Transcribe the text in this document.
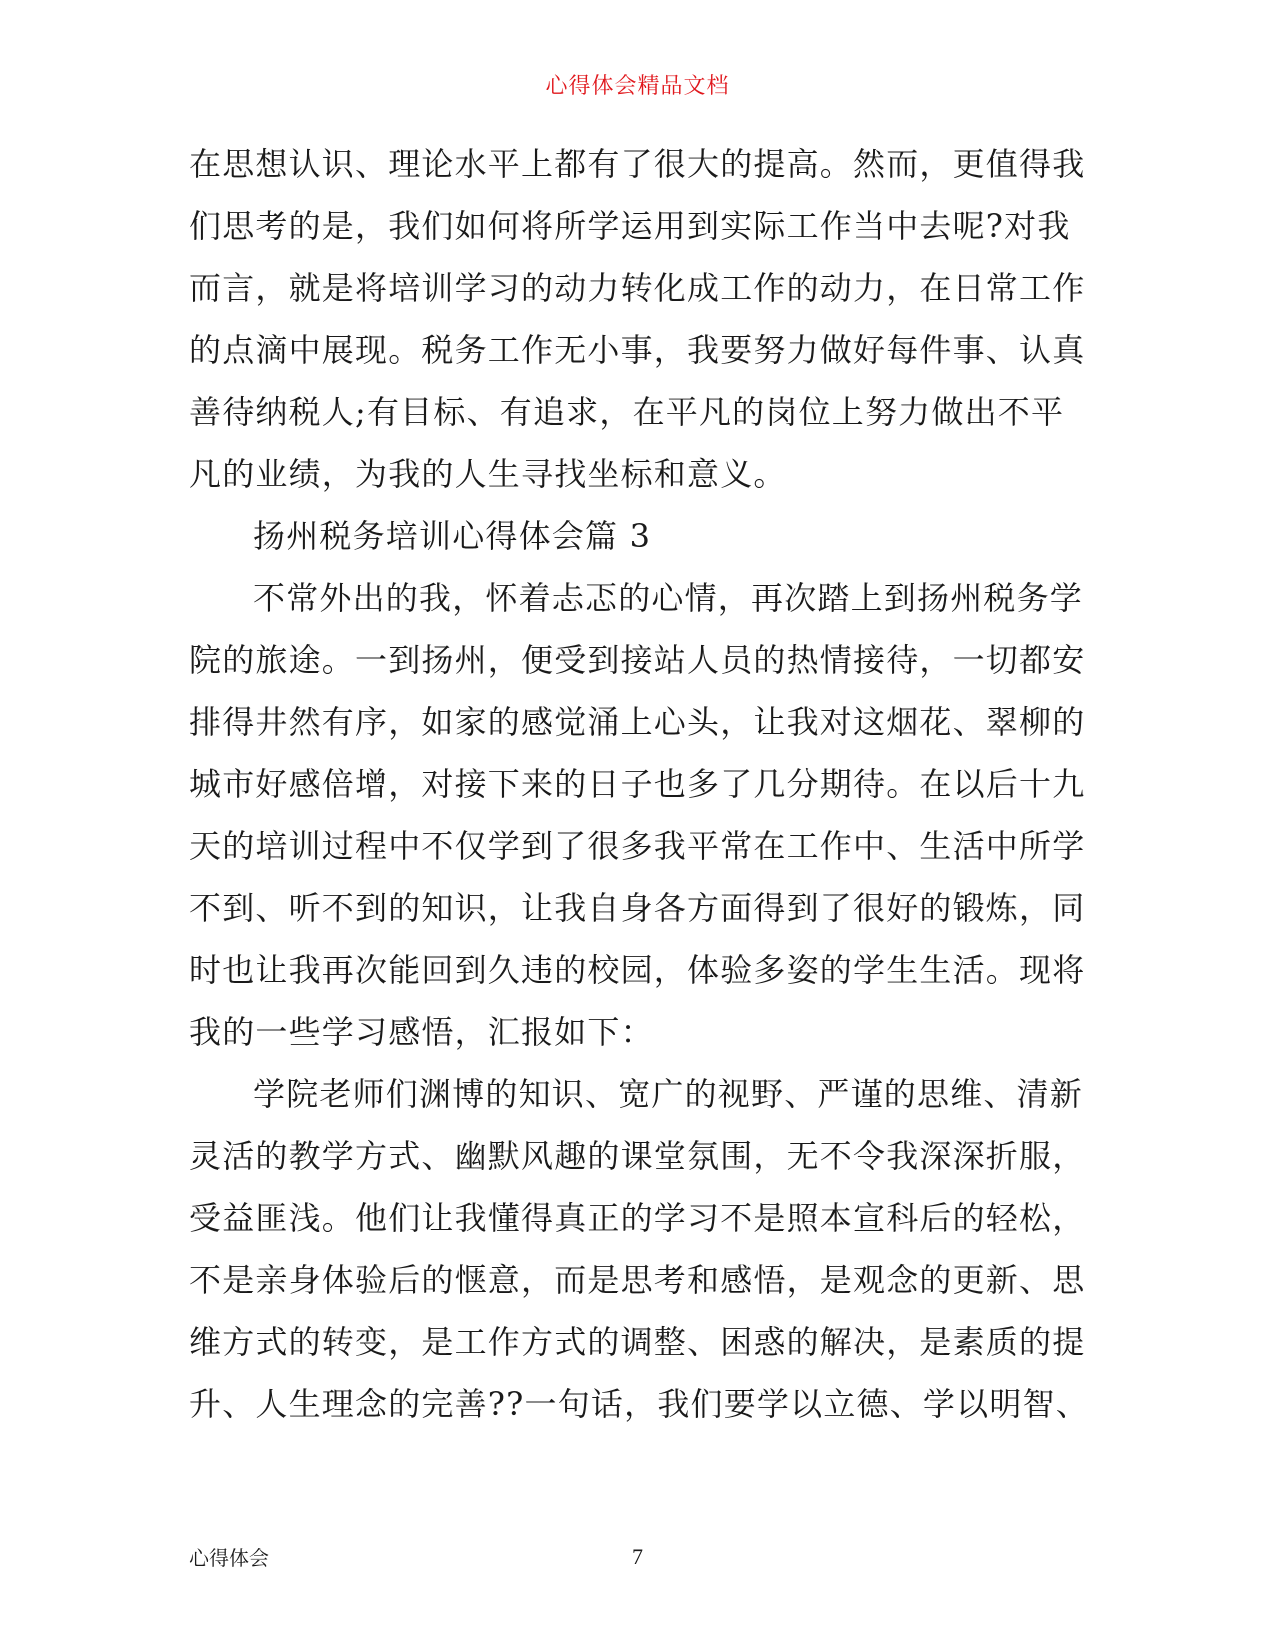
心得体会精品文档
在思想认识、理论水平上都有了很大的提高。然而，更值得我
们思考的是，我们如何将所学运用到实际工作当中去呢?对我
而言，就是将培训学习的动力转化成工作的动力，在日常工作
的点滴中展现。税务工作无小事，我要努力做好每件事、认真
善待纳税人;有目标、有追求，在平凡的岗位上努力做出不平
凡的业绩，为我的人生寻找坐标和意义。
扬州税务培训心得体会篇 3
不常外出的我，怀着忐忑的心情，再次踏上到扬州税务学
院的旅途。一到扬州，便受到接站人员的热情接待，一切都安
排得井然有序，如家的感觉涌上心头，让我对这烟花、翠柳的
城市好感倍增，对接下来的日子也多了几分期待。在以后十九
天的培训过程中不仅学到了很多我平常在工作中、生活中所学
不到、听不到的知识，让我自身各方面得到了很好的锻炼，同
时也让我再次能回到久违的校园，体验多姿的学生生活。现将
我的一些学习感悟，汇报如下：
学院老师们渊博的知识、宽广的视野、严谨的思维、清新
灵活的教学方式、幽默风趣的课堂氛围，无不令我深深折服，
受益匪浅。他们让我懂得真正的学习不是照本宣科后的轻松，
不是亲身体验后的惬意，而是思考和感悟，是观念的更新、思
维方式的转变，是工作方式的调整、困惑的解决，是素质的提
升、人生理念的完善??一句话，我们要学以立德、学以明智、
心得体会	7
